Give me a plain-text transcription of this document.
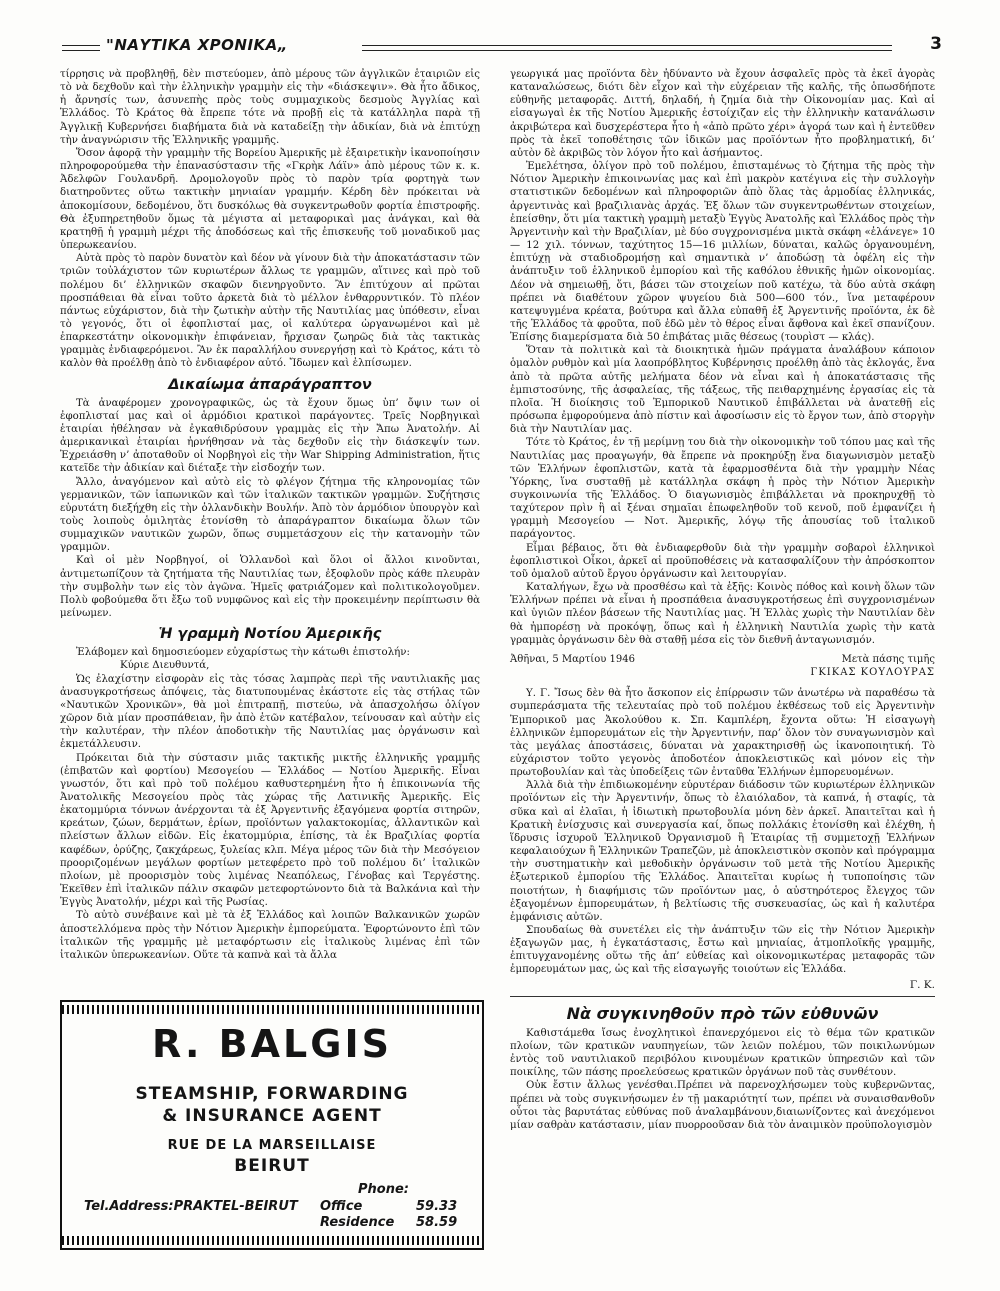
"ΝΑΥΤΙΚΑ ΧΡΟΝΙΚΑ„	3

τίρρησις νὰ προβληθῇ, δὲν πιστεύομεν, ἀπὸ μέρους τῶν ἀγγλικῶν ἑταιριῶν εἰς τὸ νὰ δεχθοῦν καὶ τὴν ἑλληνικὴν γραμμὴν εἰς τὴν «διάσκεψιν». Θὰ ἦτο ἄδικος, ἡ ἄρνησίς των, ἀσυνεπὴς πρὸς τοὺς συμμαχικοὺς δεσμοὺς Ἀγγλίας καὶ Ἑλλάδος. Τὸ Κράτος θὰ ἔπρεπε τότε νὰ προβῇ εἰς τὰ κατάλληλα παρὰ τῇ Ἀγγλικῇ Κυβερνήσει διαβήματα διὰ νὰ καταδείξῃ τὴν ἀδικίαν, διὰ νὰ ἐπιτύχῃ τὴν ἀναγνώρισιν τῆς Ἑλληνικῆς γραμμῆς.

Ὅσον ἀφορᾷ τὴν γραμμὴν τῆς Βορείου Ἀμερικῆς μὲ ἐξαιρετικὴν ἱκανοποίησιν πληροφορούμεθα τὴν ἐπανασύστασιν τῆς «Γκρὴκ Λάϊν» ἀπὸ μέρους τῶν κ. κ. Ἀδελφῶν Γουλανδρῆ. Δρομολογοῦν πρὸς τὸ παρὸν τρία φορτηγὰ των διατηροῦντες οὕτω τακτικὴν μηνιαίαν γραμμήν. Κέρδη δὲν πρόκειται νὰ ἀποκομίσουν, δεδομένου, ὅτι δυσκόλως θὰ συγκεντρωθοῦν φορτία ἐπιστροφῆς. Θὰ ἐξυπηρετηθοῦν ὅμως τὰ μέγιστα αἱ μεταφορικαὶ μας ἀνάγκαι, καὶ θὰ κρατηθῇ ἡ γραμμὴ μέχρι τῆς ἀποδόσεως καὶ τῆς ἐπισκευῆς τοῦ μοναδικοῦ μας ὑπερωκεανίου.

Αὐτὰ πρὸς τὸ παρὸν δυνατὸν καὶ δέον νὰ γίνουν διὰ τὴν ἀποκατάστασιν τῶν τριῶν τοὐλάχιστον τῶν κυριωτέρων ἄλλως τε γραμμῶν, αἵτινες καὶ πρὸ τοῦ πολέμου δι’ ἑλληνικῶν σκαφῶν διενηργοῦντο. Ἂν ἐπιτύχουν αἱ πρῶται προσπάθειαι θὰ εἶναι τοῦτο ἀρκετὰ διὰ τὸ μέλλον ἐνθαρρυντικόν. Τὸ πλέον πάντως εὐχάριστον, διὰ τὴν ζωτικὴν αὐτὴν τῆς Ναυτιλίας μας ὑπόθεσιν, εἶναι τὸ γεγονός, ὅτι οἱ ἐφοπλισταί μας, οἱ καλύτερα ὠργανωμένοι καὶ μὲ ἐπαρκεστάτην οἰκονομικὴν ἐπιφάνειαν, ἤρχισαν ζωηρῶς διὰ τὰς τακτικὰς γραμμὰς ἐνδιαφερόμενοι. Ἂν ἐκ παραλλήλου συνεργήσῃ καὶ τὸ Κράτος, κάτι τὸ καλὸν θὰ προέλθῃ ἀπὸ τὸ ἐνδιαφέρον αὐτό. Ἴδωμεν καὶ ἐλπίσωμεν.

Δικαίωμα ἀπαράγραπτον

Τὰ ἀναφέρομεν χρονογραφικῶς, ὡς τὰ ἔχουν ὅμως ὑπ’ ὄψιν των οἱ ἐφοπλισταί μας καὶ οἱ ἁρμόδιοι κρατικοὶ παράγοντες. Τρεῖς Νορβηγικαὶ ἑταιρίαι ἠθέλησαν νὰ ἐγκαθιδρύσουν γραμμὰς εἰς τὴν Ἄπω Ἀνατολήν. Αἱ ἀμερικανικαὶ ἑταιρίαι ἠρνήθησαν νὰ τὰς δεχθοῦν εἰς τὴν διάσκεψίν των. Ἐχρειάσθη ν’ ἀποταθοῦν οἱ Νορβηγοὶ εἰς τὴν War Shipping Administration, ἥτις κατεῖδε τὴν ἀδικίαν καὶ διέταξε τὴν εἰσδοχήν των.

Ἄλλο, ἀναγόμενον καὶ αὐτὸ εἰς τὸ φλέγον ζήτημα τῆς κληρονομίας τῶν γερμανικῶν, τῶν ἰαπωνικῶν καὶ τῶν ἰταλικῶν τακτικῶν γραμμῶν. Συζήτησις εὐρυτάτη διεξήχθη εἰς τὴν ὁλλανδικὴν Βουλήν. Ἀπὸ τὸν ἁρμόδιον ὑπουργὸν καὶ τοὺς λοιποὺς ὁμιλητὰς ἐτονίσθη τὸ ἀπαράγραπτον δικαίωμα ὅλων τῶν συμμαχικῶν ναυτικῶν χωρῶν, ὅπως συμμετάσχουν εἰς τὴν κατανομὴν τῶν γραμμῶν.

Καὶ οἱ μὲν Νορβηγοί, οἱ Ὁλλανδοὶ καὶ ὅλοι οἱ ἄλλοι κινοῦνται, ἀντιμετωπίζουν τὰ ζητήματα τῆς Ναυτιλίας των, ἐξοφλοῦν πρὸς κάθε πλευρὰν τὴν συμβολὴν των εἰς τὸν ἀγῶνα. Ἡμεῖς φατριάζομεν καὶ πολιτικολογοῦμεν. Πολὺ φοβούμεθα ὅτι ἔξω τοῦ νυμφῶνος καὶ εἰς τὴν προκειμένην περίπτωσιν θὰ μείνωμεν.

Ἡ γραμμὴ Νοτίου Ἀμερικῆς

Ἐλάβομεν καὶ δημοσιεύομεν εὐχαρίστως τὴν κάτωθι ἐπιστολήν:

Κύριε Διευθυντά,

Ὡς ἐλαχίστην εἰσφορὰν εἰς τὰς τόσας λαμπρὰς περὶ τῆς ναυτιλιακῆς μας ἀνασυγκροτήσεως ἀπόψεις, τὰς διατυπουμένας ἑκάστοτε εἰς τὰς στήλας τῶν «Ναυτικῶν Χρονικῶν», θὰ μοὶ ἐπιτραπῇ, πιστεύω, νὰ ἀπασχολήσω ὀλίγον χῶρον διὰ μίαν προσπάθειαν, ἣν ἀπὸ ἐτῶν κατέβαλον, τείνουσαν καὶ αὐτὴν εἰς τὴν καλυτέραν, τὴν πλέον ἀποδοτικὴν τῆς Ναυτιλίας μας ὀργάνωσιν καὶ ἐκμετάλλευσιν.

Πρόκειται διὰ τὴν σύστασιν μιᾶς τακτικῆς μικτῆς ἑλληνικῆς γραμμῆς (ἐπιβατῶν καὶ φορτίου) Μεσογείου — Ἑλλάδος — Νοτίου Ἀμερικῆς. Εἶναι γνωστόν, ὅτι καὶ πρὸ τοῦ πολέμου καθυστερημένη ἦτο ἡ ἐπικοινωνία τῆς Ἀνατολικῆς Μεσογείου πρὸς τὰς χώρας τῆς Λατινικῆς Ἀμερικῆς. Εἰς ἑκατομμύρια τόννων ἀνέρχονται τὰ ἐξ Ἀργεντινῆς ἐξαγόμενα φορτία σιτηρῶν, κρεάτων, ζώων, δερμάτων, ἐρίων, προϊόντων γαλακτοκομίας, ἀλλαντικῶν καὶ πλείστων ἄλλων εἰδῶν. Εἰς ἑκατομμύρια, ἐπίσης, τὰ ἐκ Βραζιλίας φορτία καφέδων, ὀρύζης, ζακχάρεως, ξυλείας κλπ. Μέγα μέρος τῶν διὰ τὴν Μεσόγειον προοριζομένων μεγάλων φορτίων μετεφέρετο πρὸ τοῦ πολέμου δι’ ἰταλικῶν πλοίων, μὲ προορισμὸν τοὺς λιμένας Νεαπόλεως, Γένοβας καὶ Τεργέστης. Ἐκεῖθεν ἐπὶ ἰταλικῶν πάλιν σκαφῶν μετεφορτώνοντο διὰ τὰ Βαλκάνια καὶ τὴν Ἐγγὺς Ἀνατολήν, μέχρι καὶ τῆς Ρωσίας.

Τὸ αὐτὸ συνέβαινε καὶ μὲ τὰ ἐξ Ἑλλάδος καὶ λοιπῶν Βαλκανικῶν χωρῶν ἀποστελλόμενα πρὸς τὴν Νότιον Ἀμερικὴν ἐμπορεύματα. Ἐφορτώνοντο ἐπὶ τῶν ἰταλικῶν τῆς γραμμῆς μὲ μεταφόρτωσιν εἰς ἰταλικοὺς λιμένας ἐπὶ τῶν ἰταλικῶν ὑπερωκεανίων. Οὕτε τὰ καπνὰ καὶ τὰ ἄλλα

R. BALGIS
STEAMSHIP, FORWARDING
& INSURANCE AGENT
RUE DE LA MARSEILLAISE
BEIRUT
Phone:
Tel.Address:PRAKTEL-BEIRUT Office	59.33
Residence 58.59

γεωργικά μας προϊόντα δὲν ἠδύναντο νὰ ἔχουν ἀσφαλεῖς πρὸς τὰ ἐκεῖ ἀγορὰς καταναλώσεως, διότι δὲν εἶχον καὶ τὴν εὐχέρειαν τῆς καλῆς, τῆς ὁπωσδήποτε εὐθηνῆς μεταφορᾶς. Διττή, δηλαδή, ἡ ζημία διὰ τὴν Οἰκονομίαν μας. Καὶ αἱ εἰσαγωγαὶ ἐκ τῆς Νοτίου Ἀμερικῆς ἐστοίχιζαν εἰς τὴν ἑλληνικὴν κατανάλωσιν ἀκριβώτερα καὶ δυσχερέστερα ἦτο ἡ «ἀπὸ πρῶτο χέρι» ἀγορά των καὶ ἡ ἐντεῦθεν πρὸς τὰ ἐκεῖ τοποθέτησις τῶν ἰδικῶν μας προϊόντων ἦτο προβληματική, δι’ αὐτὸν δὲ ἀκριβῶς τὸν λόγον ἦτο καὶ ἀσήμαντος.

Ἐμελέτησα, ὀλίγον πρὸ τοῦ πολέμου, ἐπισταμένως τὸ ζήτημα τῆς πρὸς τὴν Νότιον Ἀμερικὴν ἐπικοινωνίας μας καὶ ἐπὶ μακρὸν κατέγινα εἰς τὴν συλλογὴν στατιστικῶν δεδομένων καὶ πληροφοριῶν ἀπὸ ὅλας τὰς ἁρμοδίας ἑλληνικάς, ἀργεντινὰς καὶ βραζιλιανὰς ἀρχάς. Ἐξ ὅλων τῶν συγκεντρωθέντων στοιχείων, ἐπείσθην, ὅτι μία τακτικὴ γραμμὴ μεταξὺ Ἐγγὺς Ἀνατολῆς καὶ Ἑλλάδος πρὸς τὴν Ἀργεντινὴν καὶ τὴν Βραζιλίαν, μὲ δύο συγχρονισμένα μικτὰ σκάφη «ἐλάνεγε» 10 — 12 χιλ. τόννων, ταχύτητος 15—16 μιλλίων, δύναται, καλῶς ὀργανουμένη, ἐπιτύχῃ νὰ σταδιοδρομήσῃ καὶ σημαντικὰ ν’ ἀποδώσῃ τὰ ὀφέλη εἰς τὴν ἀνάπτυξιν τοῦ ἑλληνικοῦ ἐμπορίου καὶ τῆς καθόλου ἐθνικῆς ἡμῶν οἰκονομίας. Δέον νὰ σημειωθῇ, ὅτι, βάσει τῶν στοιχείων ποῦ κατέχω, τὰ δύο αὐτὰ σκάφη πρέπει νὰ διαθέτουν χῶρον ψυγείου διὰ 500—600 τόν., ἵνα μεταφέρουν κατεψυγμένα κρέατα, βούτυρα καὶ ἄλλα εὐπαθῆ ἐξ Ἀργεντινῆς προϊόντα, ἐκ δὲ τῆς Ἑλλάδος τὰ φροῦτα, ποῦ ἐδῶ μὲν τὸ θέρος εἶναι ἄφθονα καὶ ἐκεῖ σπανίζουν. Ἐπίσης διαμερίσματα διὰ 50 ἐπιβάτας μιᾶς θέσεως (τουρὶστ — κλάς).

Ὅταν τὰ πολιτικὰ καὶ τὰ διοικητικὰ ἡμῶν πράγματα ἀναλάβουν κάποιον ὁμαλὸν ρυθμὸν καὶ μία λαοπρόβλητος Κυβέρνησις προέλθῃ ἀπὸ τὰς ἐκλογάς, ἕνα ἀπὸ τὰ πρῶτα αὐτῆς μελήματα δέον νὰ εἶναι καὶ ἡ ἀποκατάστασις τῆς ἐμπιστοσύνης, τῆς ἀσφαλείας, τῆς τάξεως, τῆς πειθαρχημένης ἐργασίας εἰς τὰ πλοῖα. Ἡ διοίκησις τοῦ Ἐμπορικοῦ Ναυτικοῦ ἐπιβάλλεται νὰ ἀνατεθῇ εἰς πρόσωπα ἐμφορούμενα ἀπὸ πίστιν καὶ ἀφοσίωσιν εἰς τὸ ἔργον των, ἀπὸ στοργὴν διὰ τὴν Ναυτιλίαν μας.

Τότε τὸ Κράτος, ἐν τῇ μερίμνῃ του διὰ τὴν οἰκονομικὴν τοῦ τόπου μας καὶ τῆς Ναυτιλίας μας προαγωγήν, θὰ ἔπρεπε νὰ προκηρύξῃ ἕνα διαγωνισμὸν μεταξὺ τῶν Ἑλλήνων ἐφοπλιστῶν, κατὰ τὰ ἐφαρμοσθέντα διὰ τὴν γραμμὴν Νέας Ὑόρκης, ἵνα συσταθῇ μὲ κατάλληλα σκάφη ἡ πρὸς τὴν Νότιον Ἀμερικὴν συγκοινωνία τῆς Ἑλλάδος. Ὁ διαγωνισμὸς ἐπιβάλλεται νὰ προκηρυχθῇ τὸ ταχύτερον πρὶν ἢ αἱ ξέναι σημαῖαι ἐπωφεληθοῦν τοῦ κενοῦ, ποῦ ἐμφανίζει ἡ γραμμὴ Μεσογείου — Νοτ. Ἀμερικῆς, λόγῳ τῆς ἀπουσίας τοῦ ἰταλικοῦ παράγοντος.

Εἶμαι βέβαιος, ὅτι θὰ ἐνδιαφερθοῦν διὰ τὴν γραμμὴν σοβαροὶ ἑλληνικοὶ ἐφοπλιστικοὶ Οἶκοι, ἀρκεῖ αἱ προϋποθέσεις νὰ κατασφαλίζουν τὴν ἀπρόσκοπτον τοῦ ὁμαλοῦ αὐτοῦ ἔργου ὀργάνωσιν καὶ λειτουργίαν.

Καταλήγων, ἔχω νὰ προσθέσω καὶ τὰ ἑξῆς: Κοινὸς πόθος καὶ κοινὴ ὅλων τῶν Ἑλλήνων πρέπει νὰ εἶναι ἡ προσπάθεια ἀνασυγκροτήσεως ἐπὶ συγχρονισμένων καὶ ὑγιῶν πλέον βάσεων τῆς Ναυτιλίας μας. Ἡ Ἑλλὰς χωρὶς τὴν Ναυτιλίαν δὲν θὰ ἠμπορέσῃ νὰ προκόψῃ, ὅπως καὶ ἡ ἑλληνικὴ Ναυτιλία χωρὶς τὴν κατὰ γραμμὰς ὀργάνωσιν δὲν θὰ σταθῇ μέσα εἰς τὸν διεθνῆ ἀνταγωνισμόν.

Ἀθῆναι, 5 Μαρτίου 1946	Μετὰ πάσης τιμῆς
ΓΚΙΚΑΣ ΚΟΥΛΟΥΡΑΣ

Υ. Γ. Ἴσως δὲν θὰ ἦτο ἄσκοπον εἰς ἐπίρρωσιν τῶν ἀνωτέρω νὰ παραθέσω τὰ συμπεράσματα τῆς τελευταίας πρὸ τοῦ πολέμου ἐκθέσεως τοῦ εἰς Ἀργεντινὴν Ἐμπορικοῦ μας Ἀκολούθου κ. Σπ. Καμπλέρη, ἔχοντα οὕτω: Ἡ εἰσαγωγὴ ἑλληνικῶν ἐμπορευμάτων εἰς τὴν Ἀργεντινήν, παρ’ ὅλον τὸν συναγωνισμὸν καὶ τὰς μεγάλας ἀποστάσεις, δύναται νὰ χαρακτηρισθῇ ὡς ἱκανοποιητική. Τὸ εὐχάριστον τοῦτο γεγονὸς ἀποδοτέον ἀποκλειστικῶς καὶ μόνον εἰς τὴν πρωτοβουλίαν καὶ τὰς ὑποδείξεις τῶν ἐνταῦθα Ἑλλήνων ἐμπορευομένων.

Ἀλλὰ διὰ τὴν ἐπιδιωκομένην εὐρυτέραν διάδοσιν τῶν κυριωτέρων ἑλληνικῶν προϊόντων εἰς τὴν Ἀργεντινήν, ὅπως τὸ ἐλαιόλαδον, τὰ καπνά, ἡ σταφίς, τὰ σῦκα καὶ αἱ ἐλαῖαι, ἡ ἰδιωτικὴ πρωτοβουλία μόνη δὲν ἀρκεῖ. Ἀπαιτεῖται καὶ ἡ Κρατικὴ ἐνίσχυσις καὶ συνεργασία καί, ὅπως πολλάκις ἐτονίσθη καὶ ἐλέχθη, ἡ ἵδρυσις ἰσχυροῦ Ἑλληνικοῦ Ὀργανισμοῦ ἢ Ἑταιρίας τῇ συμμετοχῇ Ἑλλήνων κεφαλαιούχων ἢ Ἑλληνικῶν Τραπεζῶν, μὲ ἀποκλειστικὸν σκοπὸν καὶ πρόγραμμα τὴν συστηματικὴν καὶ μεθοδικὴν ὀργάνωσιν τοῦ μετὰ τῆς Νοτίου Ἀμερικῆς ἐξωτερικοῦ ἐμπορίου τῆς Ἑλλάδος. Ἀπαιτεῖται κυρίως ἡ τυποποίησις τῶν ποιοτήτων, ἡ διαφήμισις τῶν προϊόντων μας, ὁ αὐστηρότερος ἔλεγχος τῶν ἐξαγομένων ἐμπορευμάτων, ἡ βελτίωσις τῆς συσκευασίας, ὡς καὶ ἡ καλυτέρα ἐμφάνισις αὐτῶν.

Σπουδαίως θὰ συνετέλει εἰς τὴν ἀνάπτυξιν τῶν εἰς τὴν Νότιον Ἀμερικὴν ἐξαγωγῶν μας, ἡ ἐγκατάστασις, ἔστω καὶ μηνιαίας, ἀτμοπλοϊκῆς γραμμῆς, ἐπιτυγχανομένης οὕτω τῆς ἀπ’ εὐθείας καὶ οἰκονομικωτέρας μεταφορᾶς τῶν ἐμπορευμάτων μας, ὡς καὶ τῆς εἰσαγωγῆς τοιούτων εἰς Ἑλλάδα.

Γ. Κ.
Νὰ συγκινηθοῦν πρὸ τῶν εὐθυνῶν

Καθιστάμεθα ἴσως ἐνοχλητικοὶ ἐπανερχόμενοι εἰς τὸ θέμα τῶν κρατικῶν πλοίων, τῶν κρατικῶν ναυπηγείων, τῶν λειῶν πολέμου, τῶν ποικιλωνύμων ἐντὸς τοῦ ναυτιλιακοῦ περιβόλου κινουμένων κρατικῶν ὑπηρεσιῶν καὶ τῶν ποικίλης, τῶν πάσης προελεύσεως κρατικῶν ὀργάνων ποῦ τὰς συνθέτουν.

Οὐκ ἔστιν ἄλλως γενέσθαι.Πρέπει νὰ παρενοχλήσωμεν τοὺς κυβερνῶντας, πρέπει νὰ τοὺς συγκινήσωμεν ἐν τῇ μακαριότητί των, πρέπει νὰ συναισθανθοῦν οὗτοι τὰς βαρυτάτας εὐθύνας ποῦ ἀναλαμβάνουν,διαιωνίζοντες καὶ ἀνεχόμενοι μίαν σαθρὰν κατάστασιν, μίαν πυορροοῦσαν διὰ τὸν ἀναιμικὸν προϋπολογισμὸν
